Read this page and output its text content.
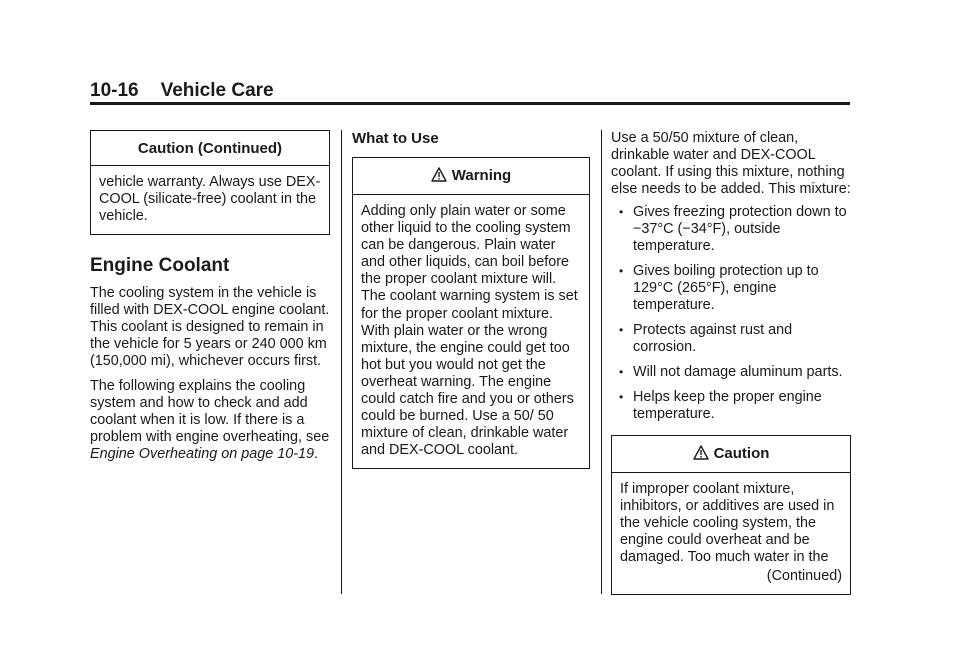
10-16 Vehicle Care
Caution (Continued)
vehicle warranty. Always use DEX-COOL (silicate-free) coolant in the vehicle.
Engine Coolant

The cooling system in the vehicle is filled with DEX-COOL engine coolant. This coolant is designed to remain in the vehicle for 5 years or 240 000 km (150,000 mi), whichever occurs first.

The following explains the cooling system and how to check and add coolant when it is low. If there is a problem with engine overheating, see Engine Overheating on page 10-19.

What to Use
Warning
Adding only plain water or some other liquid to the cooling system can be dangerous. Plain water and other liquids, can boil before the proper coolant mixture will. The coolant warning system is set for the proper coolant mixture. With plain water or the wrong mixture, the engine could get too hot but you would not get the overheat warning. The engine could catch fire and you or others could be burned. Use a 50/ 50 mixture of clean, drinkable water and DEX-COOL coolant.

Use a 50/50 mixture of clean, drinkable water and DEX-COOL coolant. If using this mixture, nothing else needs to be added. This mixture:

• Gives freezing protection down to −37°C (−34°F), outside temperature.
• Gives boiling protection up to 129°C (265°F), engine temperature.
• Protects against rust and corrosion.
• Will not damage aluminum parts.
• Helps keep the proper engine temperature.
Caution
If improper coolant mixture, inhibitors, or additives are used in the vehicle cooling system, the engine could overheat and be damaged. Too much water in the
(Continued)
